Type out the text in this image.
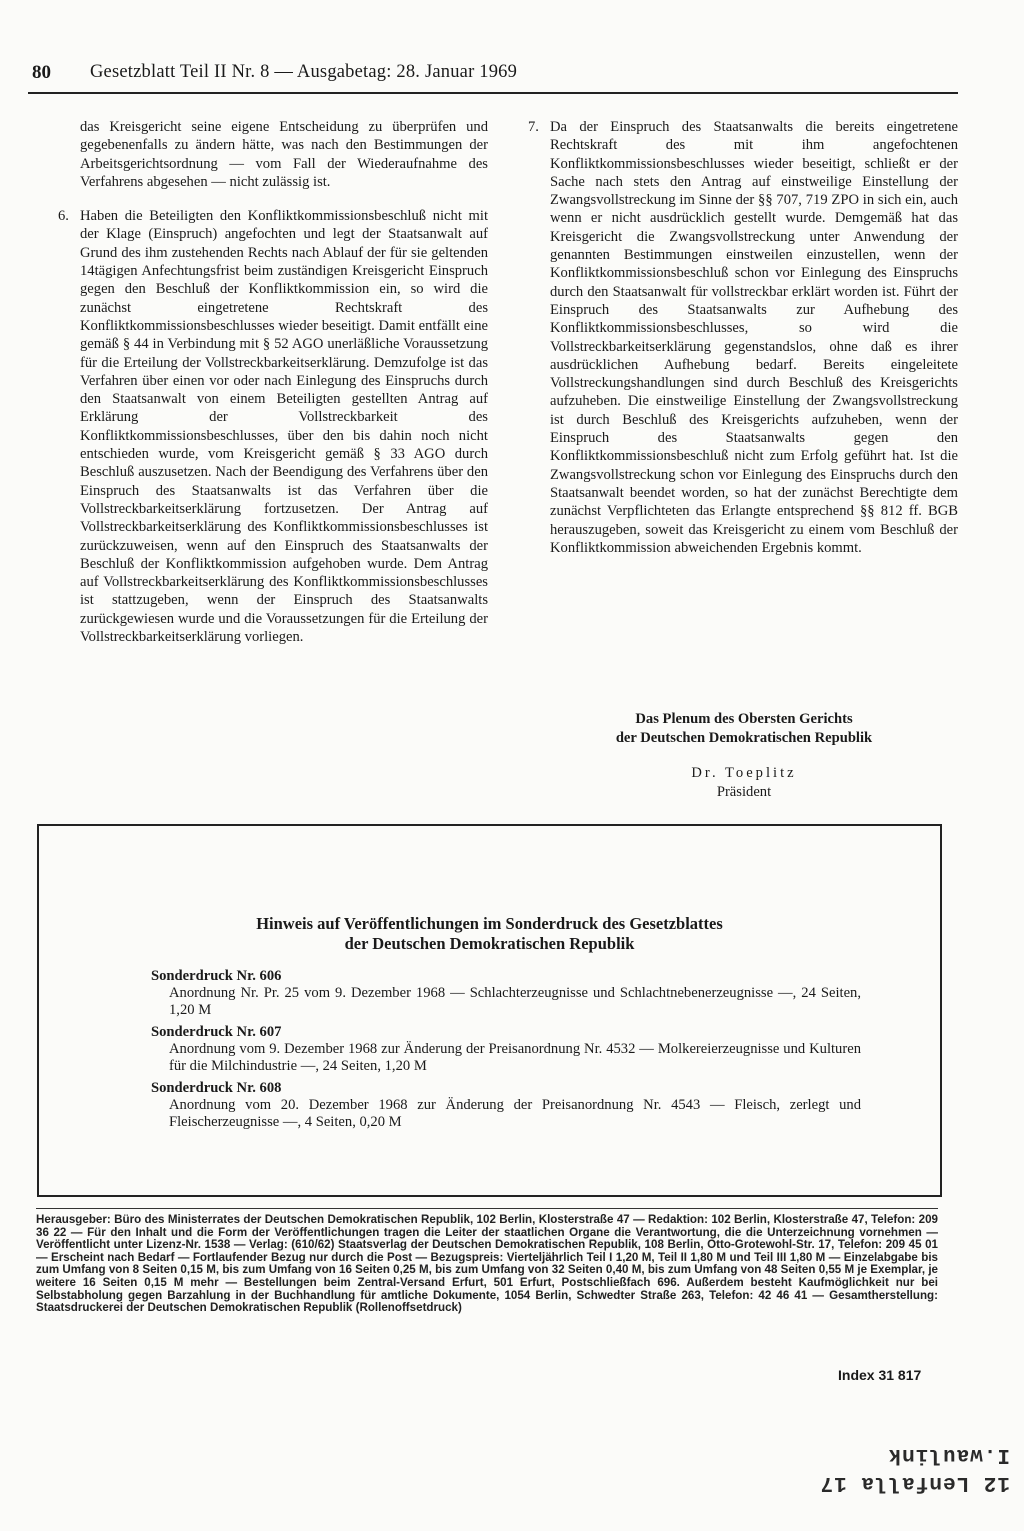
80 Gesetzblatt Teil II Nr. 8 — Ausgabetag: 28. Januar 1969

das Kreisgericht seine eigene Entscheidung zu überprüfen und gegebenenfalls zu ändern hätte, was nach den Bestimmungen der Arbeitsgerichtsordnung — vom Fall der Wiederaufnahme des Verfahrens abgesehen — nicht zulässig ist.

6. Haben die Beteiligten den Konfliktkommissionsbeschluß nicht mit der Klage (Einspruch) angefochten und legt der Staatsanwalt auf Grund des ihm zustehenden Rechts nach Ablauf der für sie geltenden 14tägigen Anfechtungsfrist beim zuständigen Kreisgericht Einspruch gegen den Beschluß der Konfliktkommission ein, so wird die zunächst eingetretene Rechtskraft des Konfliktkommissionsbeschlusses wieder beseitigt. Damit entfällt eine gemäß § 44 in Verbindung mit § 52 AGO unerläßliche Voraussetzung für die Erteilung der Vollstreckbarkeitserklärung. Demzufolge ist das Verfahren über einen vor oder nach Einlegung des Einspruchs durch den Staatsanwalt von einem Beteiligten gestellten Antrag auf Erklärung der Vollstreckbarkeit des Konfliktkommissionsbeschlusses, über den bis dahin noch nicht entschieden wurde, vom Kreisgericht gemäß § 33 AGO durch Beschluß auszusetzen. Nach der Beendigung des Verfahrens über den Einspruch des Staatsanwalts ist das Verfahren über die Vollstreckbarkeitserklärung fortzusetzen. Der Antrag auf Vollstreckbarkeitserklärung des Konfliktkommissionsbeschlusses ist zurückzuweisen, wenn auf den Einspruch des Staatsanwalts der Beschluß der Konfliktkommission aufgehoben wurde. Dem Antrag auf Vollstreckbarkeitserklärung des Konfliktkommissionsbeschlusses ist stattzugeben, wenn der Einspruch des Staatsanwalts zurückgewiesen wurde und die Voraussetzungen für die Erteilung der Vollstreckbarkeitserklärung vorliegen.

7. Da der Einspruch des Staatsanwalts die bereits eingetretene Rechtskraft des mit ihm angefochtenen Konfliktkommissionsbeschlusses wieder beseitigt, schließt er der Sache nach stets den Antrag auf einstweilige Einstellung der Zwangsvollstreckung im Sinne der §§ 707, 719 ZPO in sich ein, auch wenn er nicht ausdrücklich gestellt wurde. Demgemäß hat das Kreisgericht die Zwangsvollstreckung unter Anwendung der genannten Bestimmungen einstweilen einzustellen, wenn der Konfliktkommissionsbeschluß schon vor Einlegung des Einspruchs durch den Staatsanwalt für vollstreckbar erklärt worden ist. Führt der Einspruch des Staatsanwalts zur Aufhebung des Konfliktkommissionsbeschlusses, so wird die Vollstreckbarkeitserklärung gegenstandslos, ohne daß es ihrer ausdrücklichen Aufhebung bedarf. Bereits eingeleitete Vollstreckungshandlungen sind durch Beschluß des Kreisgerichts aufzuheben. Die einstweilige Einstellung der Zwangsvollstreckung ist durch Beschluß des Kreisgerichts aufzuheben, wenn der Einspruch des Staatsanwalts gegen den Konfliktkommissionsbeschluß nicht zum Erfolg geführt hat. Ist die Zwangsvollstreckung schon vor Einlegung des Einspruchs durch den Staatsanwalt beendet worden, so hat der zunächst Berechtigte dem zunächst Verpflichteten das Erlangte entsprechend §§ 812 ff. BGB herauszugeben, soweit das Kreisgericht zu einem vom Beschluß der Konfliktkommission abweichenden Ergebnis kommt.

Das Plenum des Obersten Gerichts
der Deutschen Demokratischen Republik
Dr. Toeplitz
Präsident
Hinweis auf Veröffentlichungen im Sonderdruck des Gesetzblattes
der Deutschen Demokratischen Republik
Sonderdruck Nr. 606
Anordnung Nr. Pr. 25 vom 9. Dezember 1968 — Schlachterzeugnisse und Schlachtnebenerzeugnisse —, 24 Seiten, 1,20 M
Sonderdruck Nr. 607
Anordnung vom 9. Dezember 1968 zur Änderung der Preisanordnung Nr. 4532 — Molkereierzeugnisse und Kulturen für die Milchindustrie —, 24 Seiten, 1,20 M
Sonderdruck Nr. 608
Anordnung vom 20. Dezember 1968 zur Änderung der Preisanordnung Nr. 4543 — Fleisch, zerlegt und Fleischerzeugnisse —, 4 Seiten, 0,20 M
Herausgeber: Büro des Ministerrates der Deutschen Demokratischen Republik, 102 Berlin, Klosterstraße 47 — Redaktion: 102 Berlin, Klosterstraße 47, Telefon: 209 36 22 — Für den Inhalt und die Form der Veröffentlichungen tragen die Leiter der staatlichen Organe die Verantwortung, die die Unterzeichnung vornehmen — Veröffentlicht unter Lizenz-Nr. 1538 — Verlag: (610/62) Staatsverlag der Deutschen Demokratischen Republik, 108 Berlin, Otto-Grotewohl-Str. 17, Telefon: 209 45 01 — Erscheint nach Bedarf — Fortlaufender Bezug nur durch die Post — Bezugspreis: Vierteljährlich Teil I 1,20 M, Teil II 1,80 M und Teil III 1,80 M — Einzelabgabe bis zum Umfang von 8 Seiten 0,15 M, bis zum Umfang von 16 Seiten 0,25 M, bis zum Umfang von 32 Seiten 0,40 M, bis zum Umfang von 48 Seiten 0,55 M je Exemplar, je weitere 16 Seiten 0,15 M mehr — Bestellungen beim Zentral-Versand Erfurt, 501 Erfurt, Postschließfach 696. Außerdem besteht Kaufmöglichkeit nur bei Selbstabholung gegen Barzahlung in der Buchhandlung für amtliche Dokumente, 1054 Berlin, Schwedter Straße 263, Telefon: 42 46 41 — Gesamtherstellung: Staatsdruckerei der Deutschen Demokratischen Republik (Rollenoffsetdruck)
Index 31 817
12 Lenfalla 17
I.waulink
